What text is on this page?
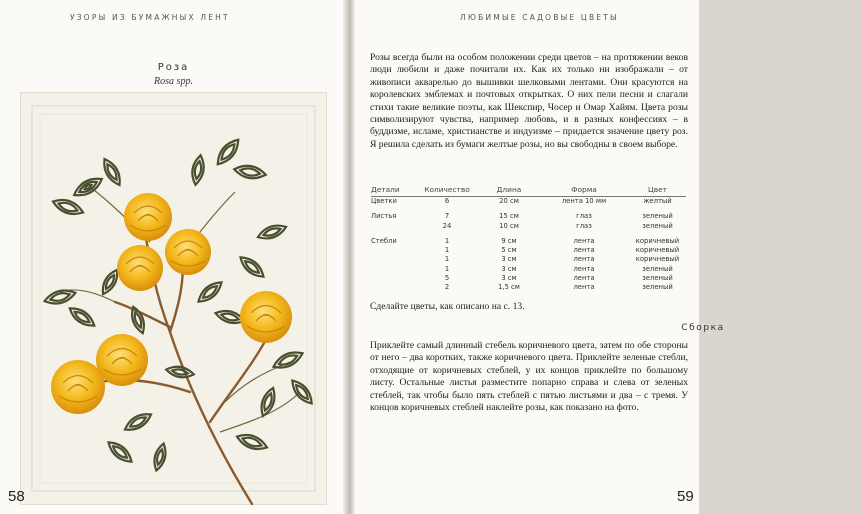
УЗОРЫ ИЗ БУМАЖНЫХ ЛЕНТ
Роза
Rosa spp.
58
ЛЮБИМЫЕ САДОВЫЕ ЦВЕТЫ

Розы всегда были на особом положении среди цветов – на протяжении веков люди любили и даже почитали их. Как их только ни изображали – от живописи акварелью до вышивки шелковыми лентами. Они красуются на королевских эмблемах и почтовых открытках. О них пели песни и слагали стихи такие великие поэты, как Шекспир, Чосер и Омар Хайям. Цвета розы символизируют чувства, например любовь, и в разных конфессиях – в буддизме, исламе, христианстве и индуизме – придается значение цвету роз. Я решила сделать из бумаги желтые розы, но вы свободны в своем выборе.

Детали	Количество	Длина	Форма	Цвет
Цветки	6	20 см	лента 10 мм	желтый

Листья	7	15 см	глаз	зеленый
	24	10 см	глаз	зеленый

Стебли	1	9 см	лента	коричневый
	1	5 см	лента	коричневый
	1	3 см	лента	коричневый
	1	3 см	лента	зеленый
	5	3 см	лента	зеленый
	2	1,5 см	лента	зеленый

Сделайте цветы, как описано на с. 13.

Сборка

Приклейте самый длинный стебель коричневого цвета, затем по обе стороны от него – два коротких, также коричневого цвета. Приклейте зеленые стебли, отходящие от коричневых стеблей, у их концов приклейте по большому листу. Остальные листья разместите попарно справа и слева от зеленых стеблей, так чтобы было пять стеблей с пятью листьями и два – с тремя. У концов коричневых стеблей наклейте розы, как показано на фото.

59
